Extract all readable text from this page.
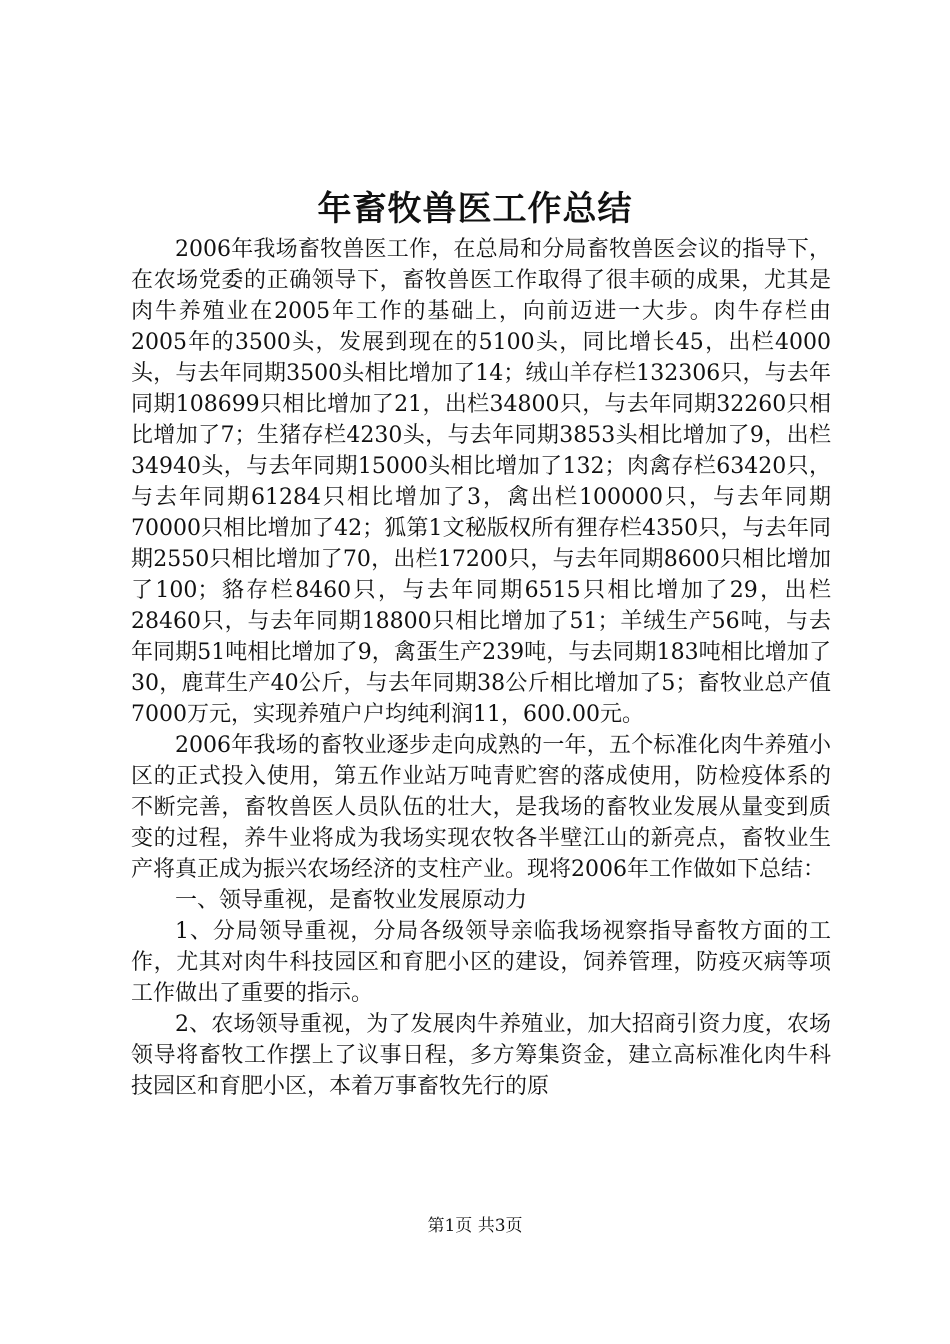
年畜牧兽医工作总结

2006年我场畜牧兽医工作，在总局和分局畜牧兽医会议的指导下，在农场党委的正确领导下，畜牧兽医工作取得了很丰硕的成果，尤其是肉牛养殖业在2005年工作的基础上，向前迈进一大步。肉牛存栏由2005年的3500头，发展到现在的5100头，同比增长45，出栏4000头，与去年同期3500头相比增加了14；绒山羊存栏132306只，与去年同期108699只相比增加了21，出栏34800只，与去年同期32260只相比增加了7；生猪存栏4230头，与去年同期3853头相比增加了9，出栏34940头，与去年同期15000头相比增加了132；肉禽存栏63420只，与去年同期61284只相比增加了3，禽出栏100000只，与去年同期70000只相比增加了42；狐第1文秘版权所有狸存栏4350只，与去年同期2550只相比增加了70，出栏17200只，与去年同期8600只相比增加了100；貉存栏8460只，与去年同期6515只相比增加了29，出栏28460只，与去年同期18800只相比增加了51；羊绒生产56吨，与去年同期51吨相比增加了9，禽蛋生产239吨，与去同期183吨相比增加了30，鹿茸生产40公斤，与去年同期38公斤相比增加了5；畜牧业总产值7000万元，实现养殖户户均纯利润11，600.00元。

2006年我场的畜牧业逐步走向成熟的一年，五个标准化肉牛养殖小区的正式投入使用，第五作业站万吨青贮窖的落成使用，防检疫体系的不断完善，畜牧兽医人员队伍的壮大，是我场的畜牧业发展从量变到质变的过程，养牛业将成为我场实现农牧各半壁江山的新亮点，畜牧业生产将真正成为振兴农场经济的支柱产业。现将2006年工作做如下总结：

一、领导重视，是畜牧业发展原动力

1、分局领导重视，分局各级领导亲临我场视察指导畜牧方面的工作，尤其对肉牛科技园区和育肥小区的建设，饲养管理，防疫灭病等项工作做出了重要的指示。

2、农场领导重视，为了发展肉牛养殖业，加大招商引资力度，农场领导将畜牧工作摆上了议事日程，多方筹集资金，建立高标准化肉牛科技园区和育肥小区，本着万事畜牧先行的原

第1页 共3页
